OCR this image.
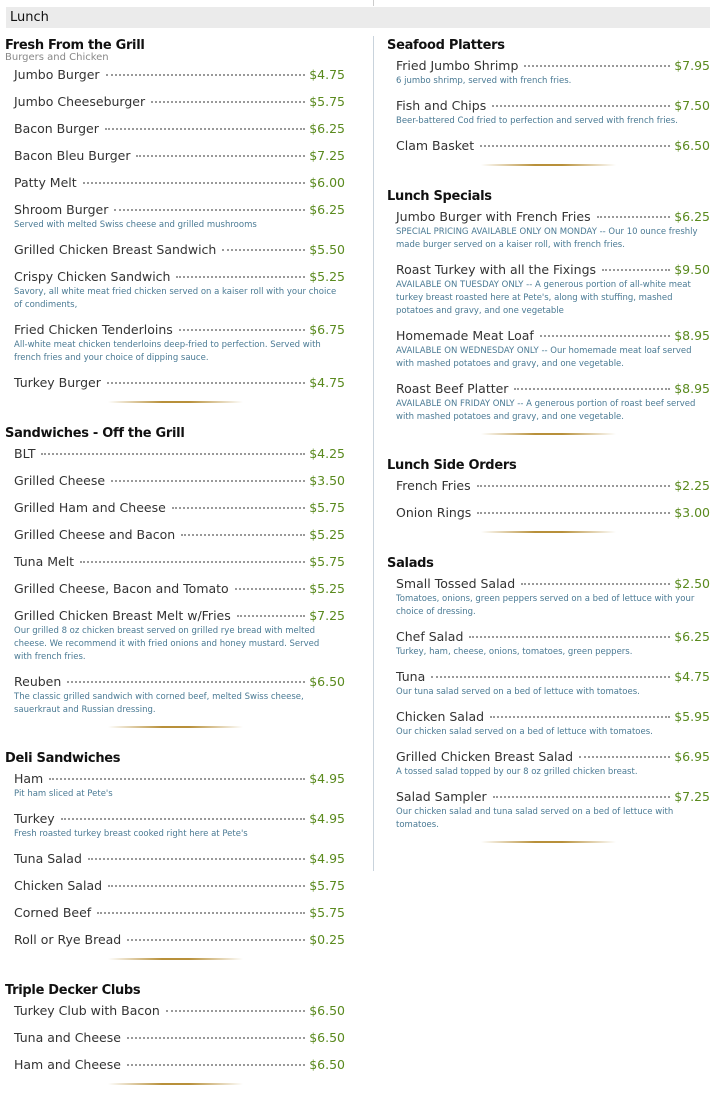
Lunch
Fresh From the Grill
Burgers and Chicken
Jumbo Burger	$4.75
Jumbo Cheeseburger	$5.75
Bacon Burger	$6.25
Bacon Bleu Burger	$7.25
Patty Melt	$6.00
Shroom Burger	$6.25
Served with melted Swiss cheese and grilled mushrooms
Grilled Chicken Breast Sandwich	$5.50
Crispy Chicken Sandwich	$5.25
Savory, all white meat fried chicken served on a kaiser roll with your choice of condiments,
Fried Chicken Tenderloins	$6.75
All-white meat chicken tenderloins deep-fried to perfection. Served with french fries and your choice of dipping sauce.
Turkey Burger	$4.75
Sandwiches - Off the Grill
BLT	$4.25
Grilled Cheese	$3.50
Grilled Ham and Cheese	$5.75
Grilled Cheese and Bacon	$5.25
Tuna Melt	$5.75
Grilled Cheese, Bacon and Tomato	$5.25
Grilled Chicken Breast Melt w/Fries	$7.25
Our grilled 8 oz chicken breast served on grilled rye bread with melted cheese. We recommend it with fried onions and honey mustard. Served with french fries.
Reuben	$6.50
The classic grilled sandwich with corned beef, melted Swiss cheese, sauerkraut and Russian dressing.
Deli Sandwiches
Ham	$4.95
Pit ham sliced at Pete's
Turkey	$4.95
Fresh roasted turkey breast cooked right here at Pete's
Tuna Salad	$4.95
Chicken Salad	$5.75
Corned Beef	$5.75
Roll or Rye Bread	$0.25
Triple Decker Clubs
Turkey Club with Bacon	$6.50
Tuna and Cheese	$6.50
Ham and Cheese	$6.50
Seafood Platters
Fried Jumbo Shrimp	$7.95
6 jumbo shrimp, served with french fries.
Fish and Chips	$7.50
Beer-battered Cod fried to perfection and served with french fries.
Clam Basket	$6.50
Lunch Specials
Jumbo Burger with French Fries	$6.25
SPECIAL PRICING AVAILABLE ONLY ON MONDAY -- Our 10 ounce freshly made burger served on a kaiser roll, with french fries.
Roast Turkey with all the Fixings	$9.50
AVAILABLE ON TUESDAY ONLY -- A generous portion of all-white meat turkey breast roasted here at Pete's, along with stuffing, mashed potatoes and gravy, and one vegetable
Homemade Meat Loaf	$8.95
AVAILABLE ON WEDNESDAY ONLY -- Our homemade meat loaf served with mashed potatoes and gravy, and one vegetable.
Roast Beef Platter	$8.95
AVAILABLE ON FRIDAY ONLY -- A generous portion of roast beef served with mashed potatoes and gravy, and one vegetable.
Lunch Side Orders
French Fries	$2.25
Onion Rings	$3.00
Salads
Small Tossed Salad	$2.50
Tomatoes, onions, green peppers served on a bed of lettuce with your choice of dressing.
Chef Salad	$6.25
Turkey, ham, cheese, onions, tomatoes, green peppers.
Tuna	$4.75
Our tuna salad served on a bed of lettuce with tomatoes.
Chicken Salad	$5.95
Our chicken salad served on a bed of lettuce with tomatoes.
Grilled Chicken Breast Salad	$6.95
A tossed salad topped by our 8 oz grilled chicken breast.
Salad Sampler	$7.25
Our chicken salad and tuna salad served on a bed of lettuce with tomatoes.
